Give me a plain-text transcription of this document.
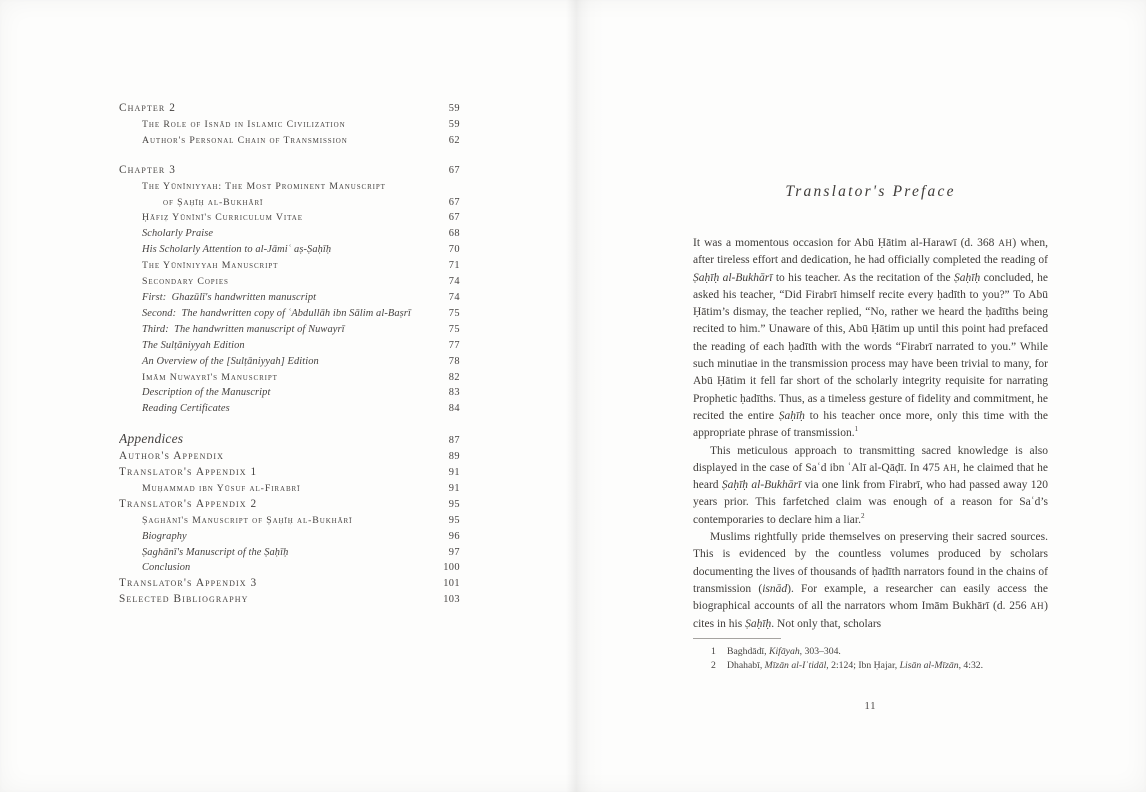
Chapter 2	59
The Role of Isnād in Islamic Civilization	59
Author's Personal Chain of Transmission	62
Chapter 3	67
The Yūnīniyyah: The Most Prominent Manuscript
of Ṣaḥīḥ al-Bukhārī	67
Ḥāfiẓ Yūnīnī's Curriculum Vitae	67
Scholarly Praise	68
His Scholarly Attention to al-Jāmiʿ aṣ-Ṣaḥīḥ	70
The Yūnīniyyah Manuscript	71
Secondary Copies	74
First: Ghazūlī's handwritten manuscript	74
Second: The handwritten copy of ʿAbdullāh ibn Sālim al-Baṣrī	75
Third: The handwritten manuscript of Nuwayrī	75
The Sulṭāniyyah Edition	77
An Overview of the [Sulṭāniyyah] Edition	78
Imām Nuwayrī's Manuscript	82
Description of the Manuscript	83
Reading Certificates	84
Appendices	87
Author's Appendix	89
Translator's Appendix 1	91
Muḥammad ibn Yūsuf al-Firabrī	91
Translator's Appendix 2	95
Ṣaghānī's Manuscript of Ṣaḥīḥ al-Bukhārī	95
Biography	96
Ṣaghānī's Manuscript of the Ṣaḥīḥ	97
Conclusion	100
Translator's Appendix 3	101
Selected Bibliography	103
Translator's Preface

It was a momentous occasion for Abū Ḥātim al-Harawī (d. 368 AH) when, after tireless effort and dedication, he had officially completed the reading of Ṣaḥīḥ al-Bukhārī to his teacher. As the recitation of the Ṣaḥīḥ concluded, he asked his teacher, “Did Firabrī himself recite every ḥadīth to you?” To Abū Ḥātim’s dismay, the teacher replied, “No, rather we heard the ḥadīths being recited to him.” Unaware of this, Abū Ḥātim up until this point had prefaced the reading of each ḥadīth with the words “Firabrī narrated to you.” While such minutiae in the transmission process may have been trivial to many, for Abū Ḥātim it fell far short of the scholarly integrity requisite for narrating Prophetic ḥadīths. Thus, as a timeless gesture of fidelity and commitment, he recited the entire Ṣaḥīḥ to his teacher once more, only this time with the appropriate phrase of transmission.$^1$

This meticulous approach to transmitting sacred knowledge is also displayed in the case of Saʿd ibn ʿAlī al-Qāḍī. In 475 AH, he claimed that he heard Ṣaḥīḥ al-Bukhārī via one link from Firabrī, who had passed away 120 years prior. This farfetched claim was enough of a reason for Saʿd’s contemporaries to declare him a liar.$^2$

Muslims rightfully pride themselves on preserving their sacred sources. This is evidenced by the countless volumes produced by scholars documenting the lives of thousands of ḥadīth narrators found in the chains of transmission (isnād). For example, a researcher can easily access the biographical accounts of all the narrators whom Imām Bukhārī (d. 256 AH) cites in his Ṣaḥīḥ. Not only that, scholars

1	Baghdādī, Kifāyah, 303–304.
2	Dhahabī, Mīzān al-Iʿtidāl, 2:124; Ibn Ḥajar, Lisān al-Mīzān, 4:32.
11
